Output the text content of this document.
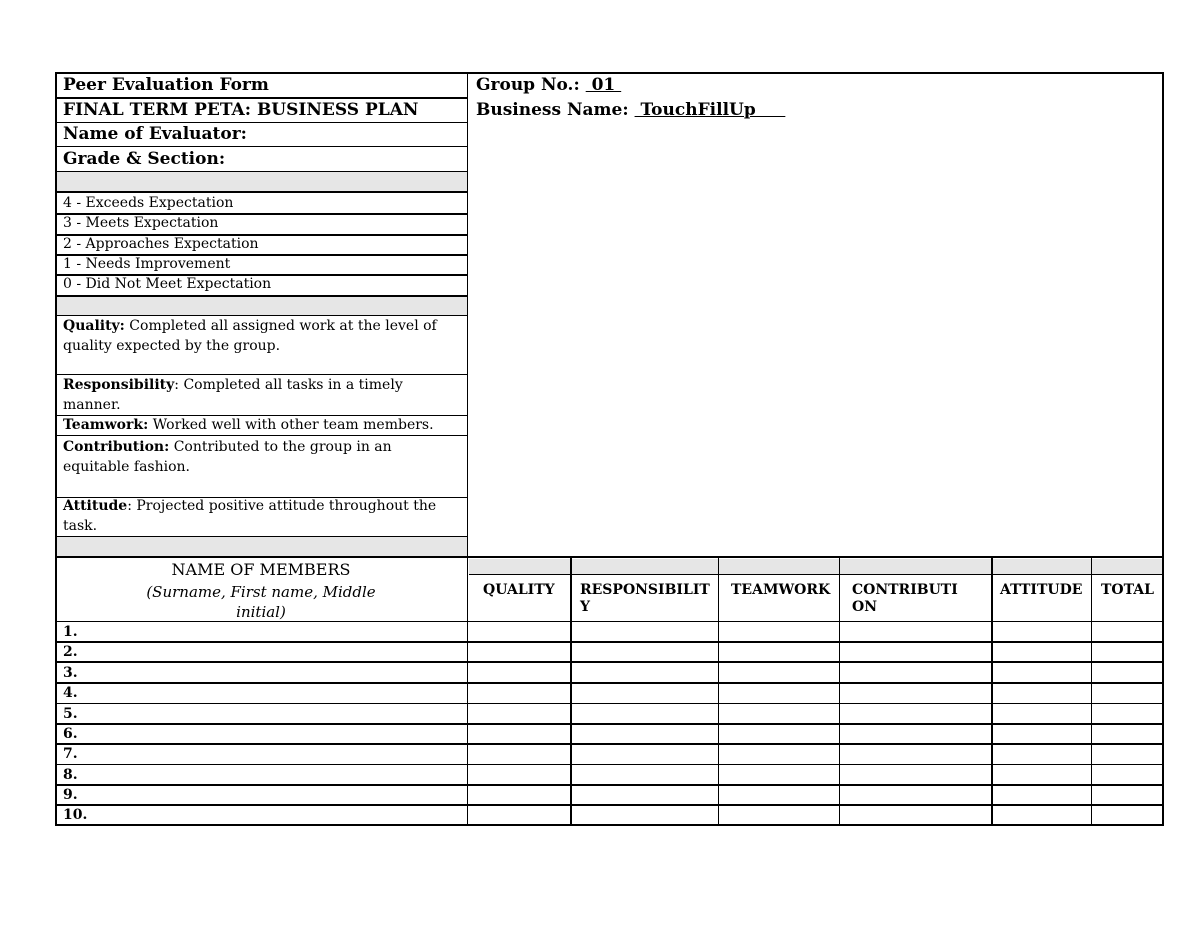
Peer Evaluation Form
FINAL TERM PETA: BUSINESS PLAN
Name of Evaluator:
Grade & Section:
Group No.:  01
Business Name:  TouchFillUp
4 - Exceeds Expectation
3 - Meets Expectation
2 - Approaches Expectation
1 - Needs Improvement
0 - Did Not Meet Expectation
Quality: Completed all assigned work at the level of quality expected by the group.
Responsibility: Completed all tasks in a timely manner.
Teamwork: Worked well with other team members.
Contribution: Contributed to the group in an equitable fashion.
Attitude: Projected positive attitude throughout the task.
NAME OF MEMBERS
(Surname, First name, Middle initial)
QUALITY RESPONSIBILITY
TEAMWORK CONTRIBUTION
ATTITUDE TOTAL
1.
2.
3.
4.
5.
6.
7.
8.
9.
10.
